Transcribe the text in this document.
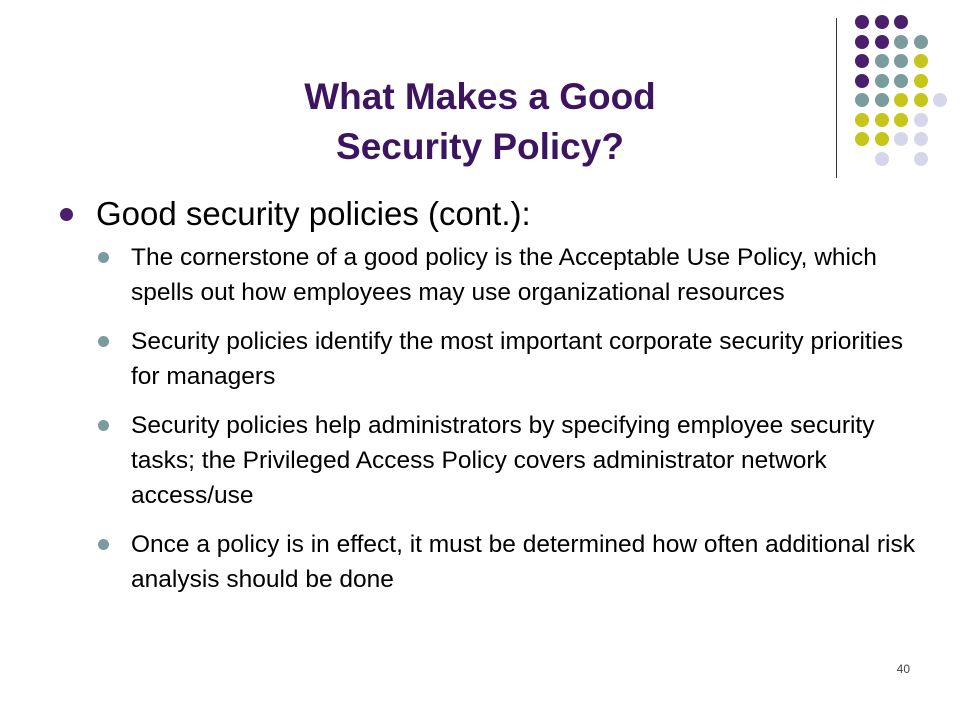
What Makes a Good
Security Policy?
Good security policies (cont.):
The cornerstone of a good policy is the Acceptable Use Policy, which spells out how employees may use organizational resources
Security policies identify the most important corporate security priorities for managers
Security policies help administrators by specifying employee security tasks; the Privileged Access Policy covers administrator network access/use
Once a policy is in effect, it must be determined how often additional risk analysis should be done
40
